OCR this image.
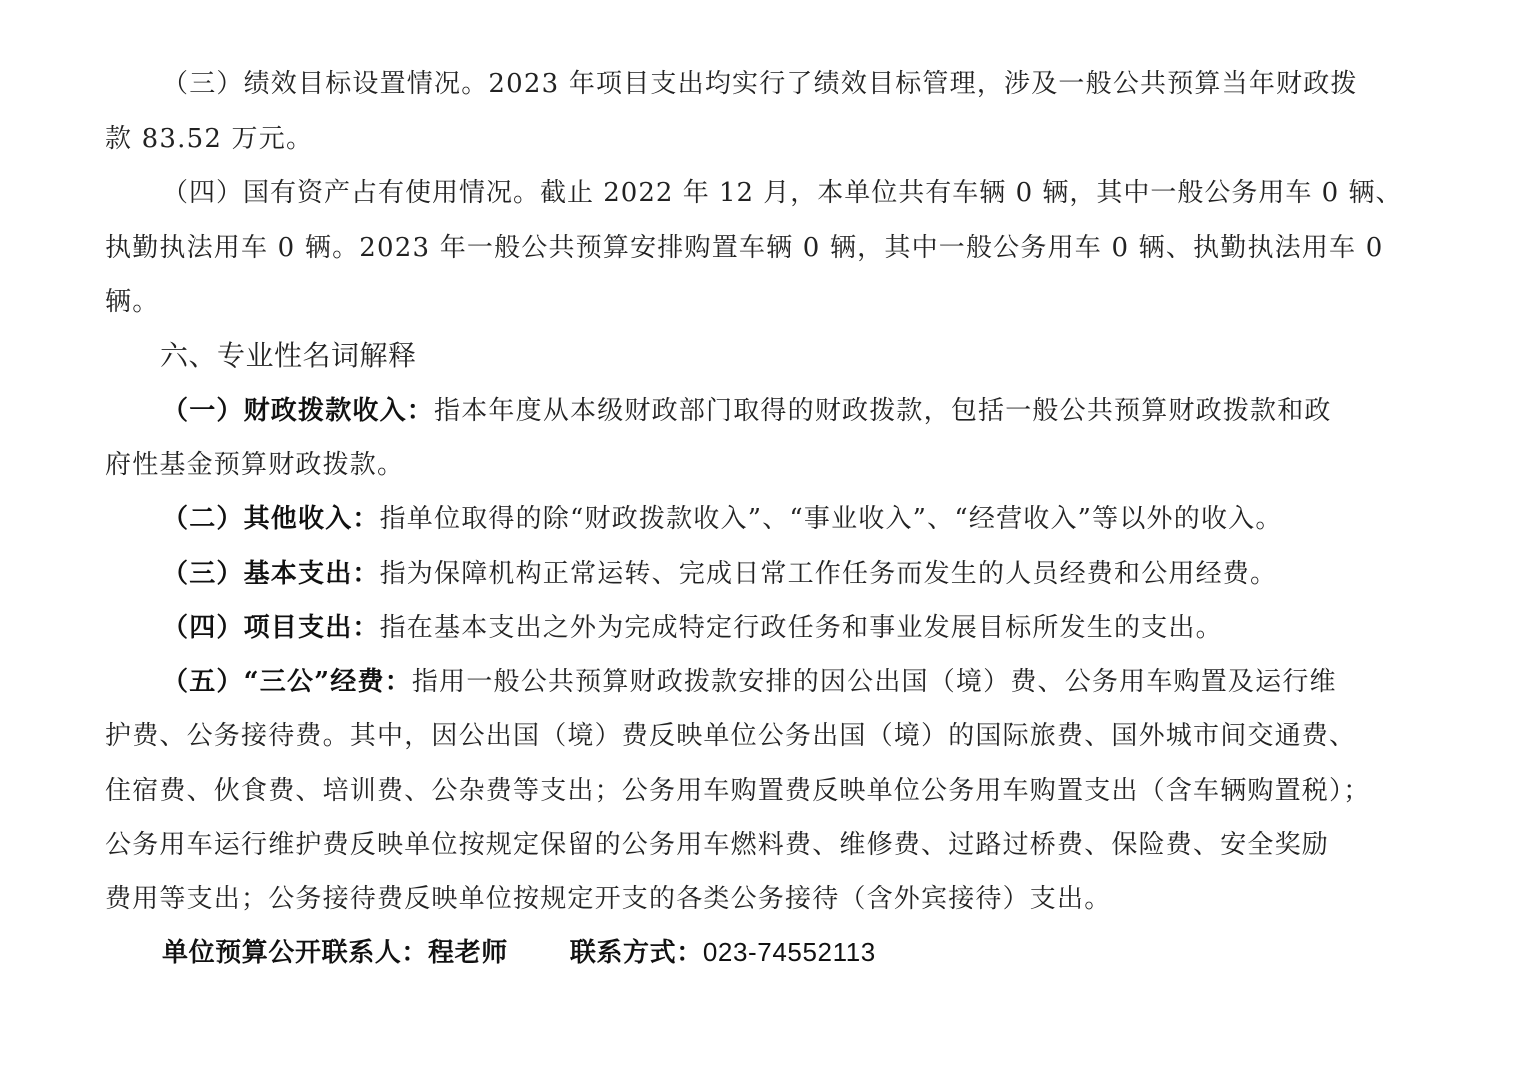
（三）绩效目标设置情况。2023 年项目支出均实行了绩效目标管理，涉及一般公共预算当年财政拨
款 83.52 万元。
（四）国有资产占有使用情况。截止 2022 年 12 月，本单位共有车辆 0 辆，其中一般公务用车 0 辆、
执勤执法用车 0 辆。2023 年一般公共预算安排购置车辆 0 辆，其中一般公务用车 0 辆、执勤执法用车 0
辆。
六、专业性名词解释
（一）财政拨款收入：指本年度从本级财政部门取得的财政拨款，包括一般公共预算财政拨款和政
府性基金预算财政拨款。
（二）其他收入：指单位取得的除“财政拨款收入”、“事业收入”、“经营收入”等以外的收入。
（三）基本支出：指为保障机构正常运转、完成日常工作任务而发生的人员经费和公用经费。
（四）项目支出：指在基本支出之外为完成特定行政任务和事业发展目标所发生的支出。
（五）“三公”经费：指用一般公共预算财政拨款安排的因公出国（境）费、公务用车购置及运行维
护费、公务接待费。其中，因公出国（境）费反映单位公务出国（境）的国际旅费、国外城市间交通费、
住宿费、伙食费、培训费、公杂费等支出；公务用车购置费反映单位公务用车购置支出（含车辆购置税）；
公务用车运行维护费反映单位按规定保留的公务用车燃料费、维修费、过路过桥费、保险费、安全奖励
费用等支出；公务接待费反映单位按规定开支的各类公务接待（含外宾接待）支出。
单位预算公开联系人：程老师 联系方式：023-74552113
